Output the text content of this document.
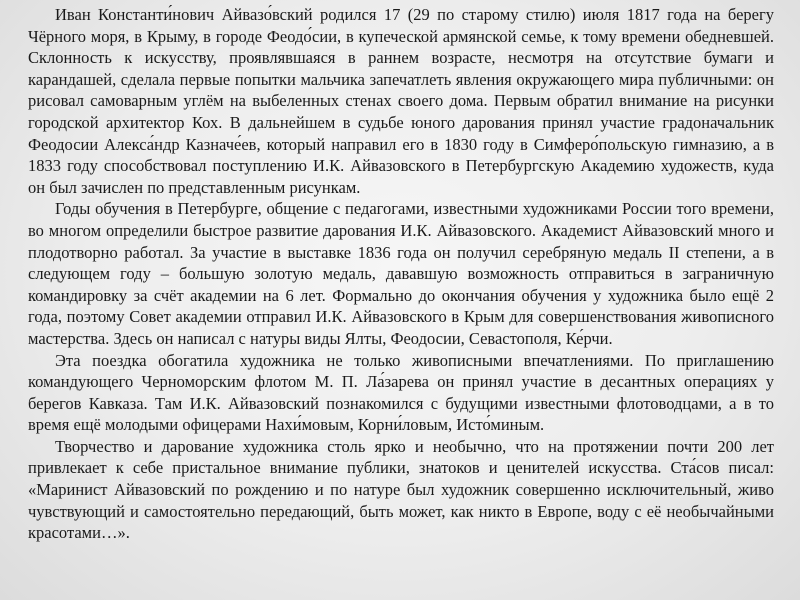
Иван Константи́нович Айвазо́вский родился 17 (29 по старому стилю) июля 1817 года на берегу Чёрного моря, в Крыму, в городе Феодо́сии, в купеческой армянской семье, к тому времени обедневшей. Склонность к искусству, проявлявшаяся в раннем возрасте, несмотря на отсутствие бумаги и карандашей, сделала первые попытки мальчика запечатлеть явления окружающего мира публичными: он рисовал самоварным углём на выбеленных стенах своего дома. Первым обратил внимание на рисунки городской архитектор Кох. В дальнейшем в судьбе юного дарования принял участие градоначальник Феодосии Алекса́ндр Казначе́ев, который направил его в 1830 году в Симферо́польскую гимназию, а в 1833 году способствовал поступлению И.К. Айвазовского в Петербургскую Академию художеств, куда он был зачислен по представленным рисункам.

Годы обучения в Петербурге, общение с педагогами, известными художниками России того времени, во многом определили быстрое развитие дарования И.К. Айвазовского. Академист Айвазовский много и плодотворно работал. За участие в выставке 1836 года он получил серебряную медаль II степени, а в следующем году – большую золотую медаль, дававшую возможность отправиться в заграничную командировку за счёт академии на 6 лет. Формально до окончания обучения у художника было ещё 2 года, поэтому Совет академии отправил И.К. Айвазовского в Крым для совершенствования живописного мастерства. Здесь он написал с натуры виды Ялты, Феодосии, Севастополя, Ке́рчи.

Эта поездка обогатила художника не только живописными впечатлениями. По приглашению командующего Черноморским флотом М. П. Ла́зарева он принял участие в десантных операциях у берегов Кавказа. Там И.К. Айвазовский познакомился с будущими известными флотоводцами, а в то время ещё молодыми офицерами Нахи́мовым, Корни́ловым, Исто́миным.

Творчество и дарование художника столь ярко и необычно, что на протяжении почти 200 лет привлекает к себе пристальное внимание публики, знатоков и ценителей искусства. Ста́сов писал: «Маринист Айвазовский по рождению и по натуре был художник совершенно исключительный, живо чувствующий и самостоятельно передающий, быть может, как никто в Европе, воду с её необычайными красотами…».
